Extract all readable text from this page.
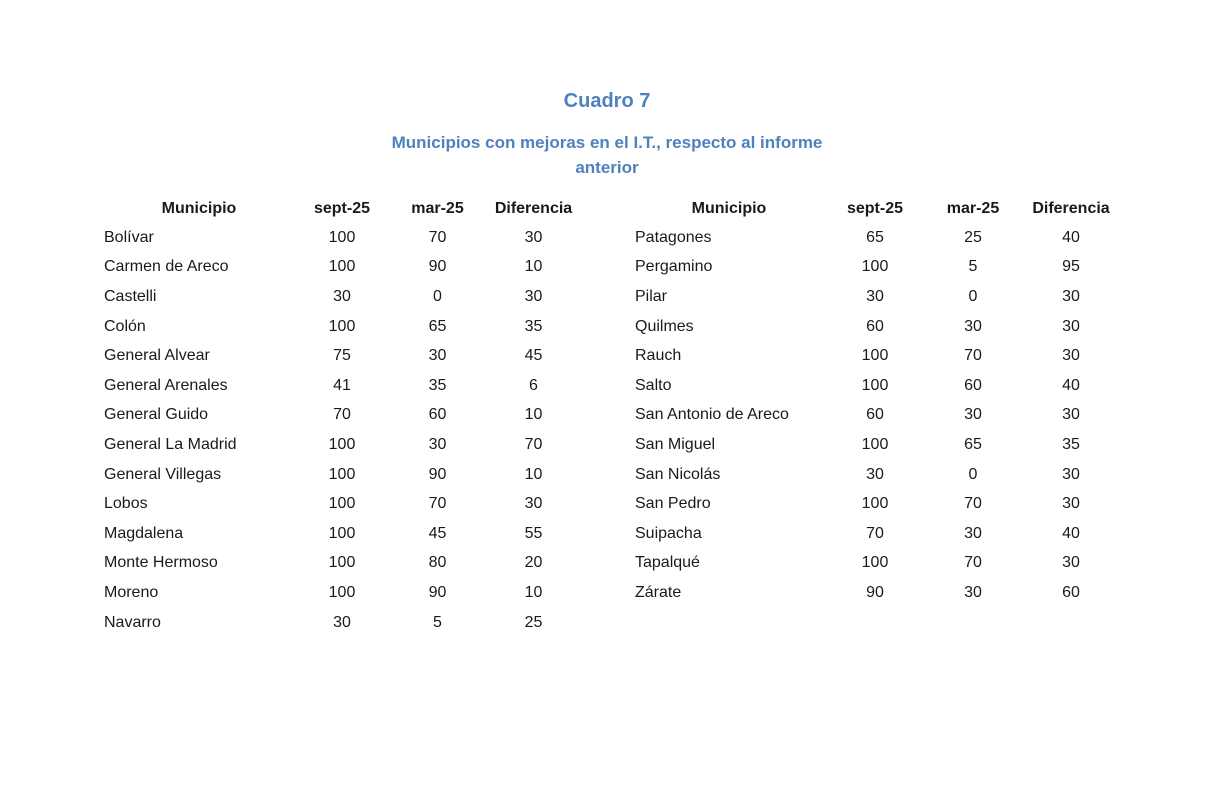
Cuadro 7
Municipios con mejoras en el I.T., respecto al informe
anterior
Municipio	sept-25	mar-25	Diferencia
Bolívar	100	70	30
Carmen de Areco	100	90	10
Castelli	30	0	30
Colón	100	65	35
General Alvear	75	30	45
General Arenales	41	35	6
General Guido	70	60	10
General La Madrid	100	30	70
General Villegas	100	90	10
Lobos	100	70	30
Magdalena	100	45	55
Monte Hermoso	100	80	20
Moreno	100	90	10
Navarro	30	5	25
Municipio	sept-25	mar-25	Diferencia
Patagones	65	25	40
Pergamino	100	5	95
Pilar	30	0	30
Quilmes	60	30	30
Rauch	100	70	30
Salto	100	60	40
San Antonio de Areco	60	30	30
San Miguel	100	65	35
San Nicolás	30	0	30
San Pedro	100	70	30
Suipacha	70	30	40
Tapalqué	100	70	30
Zárate	90	30	60
